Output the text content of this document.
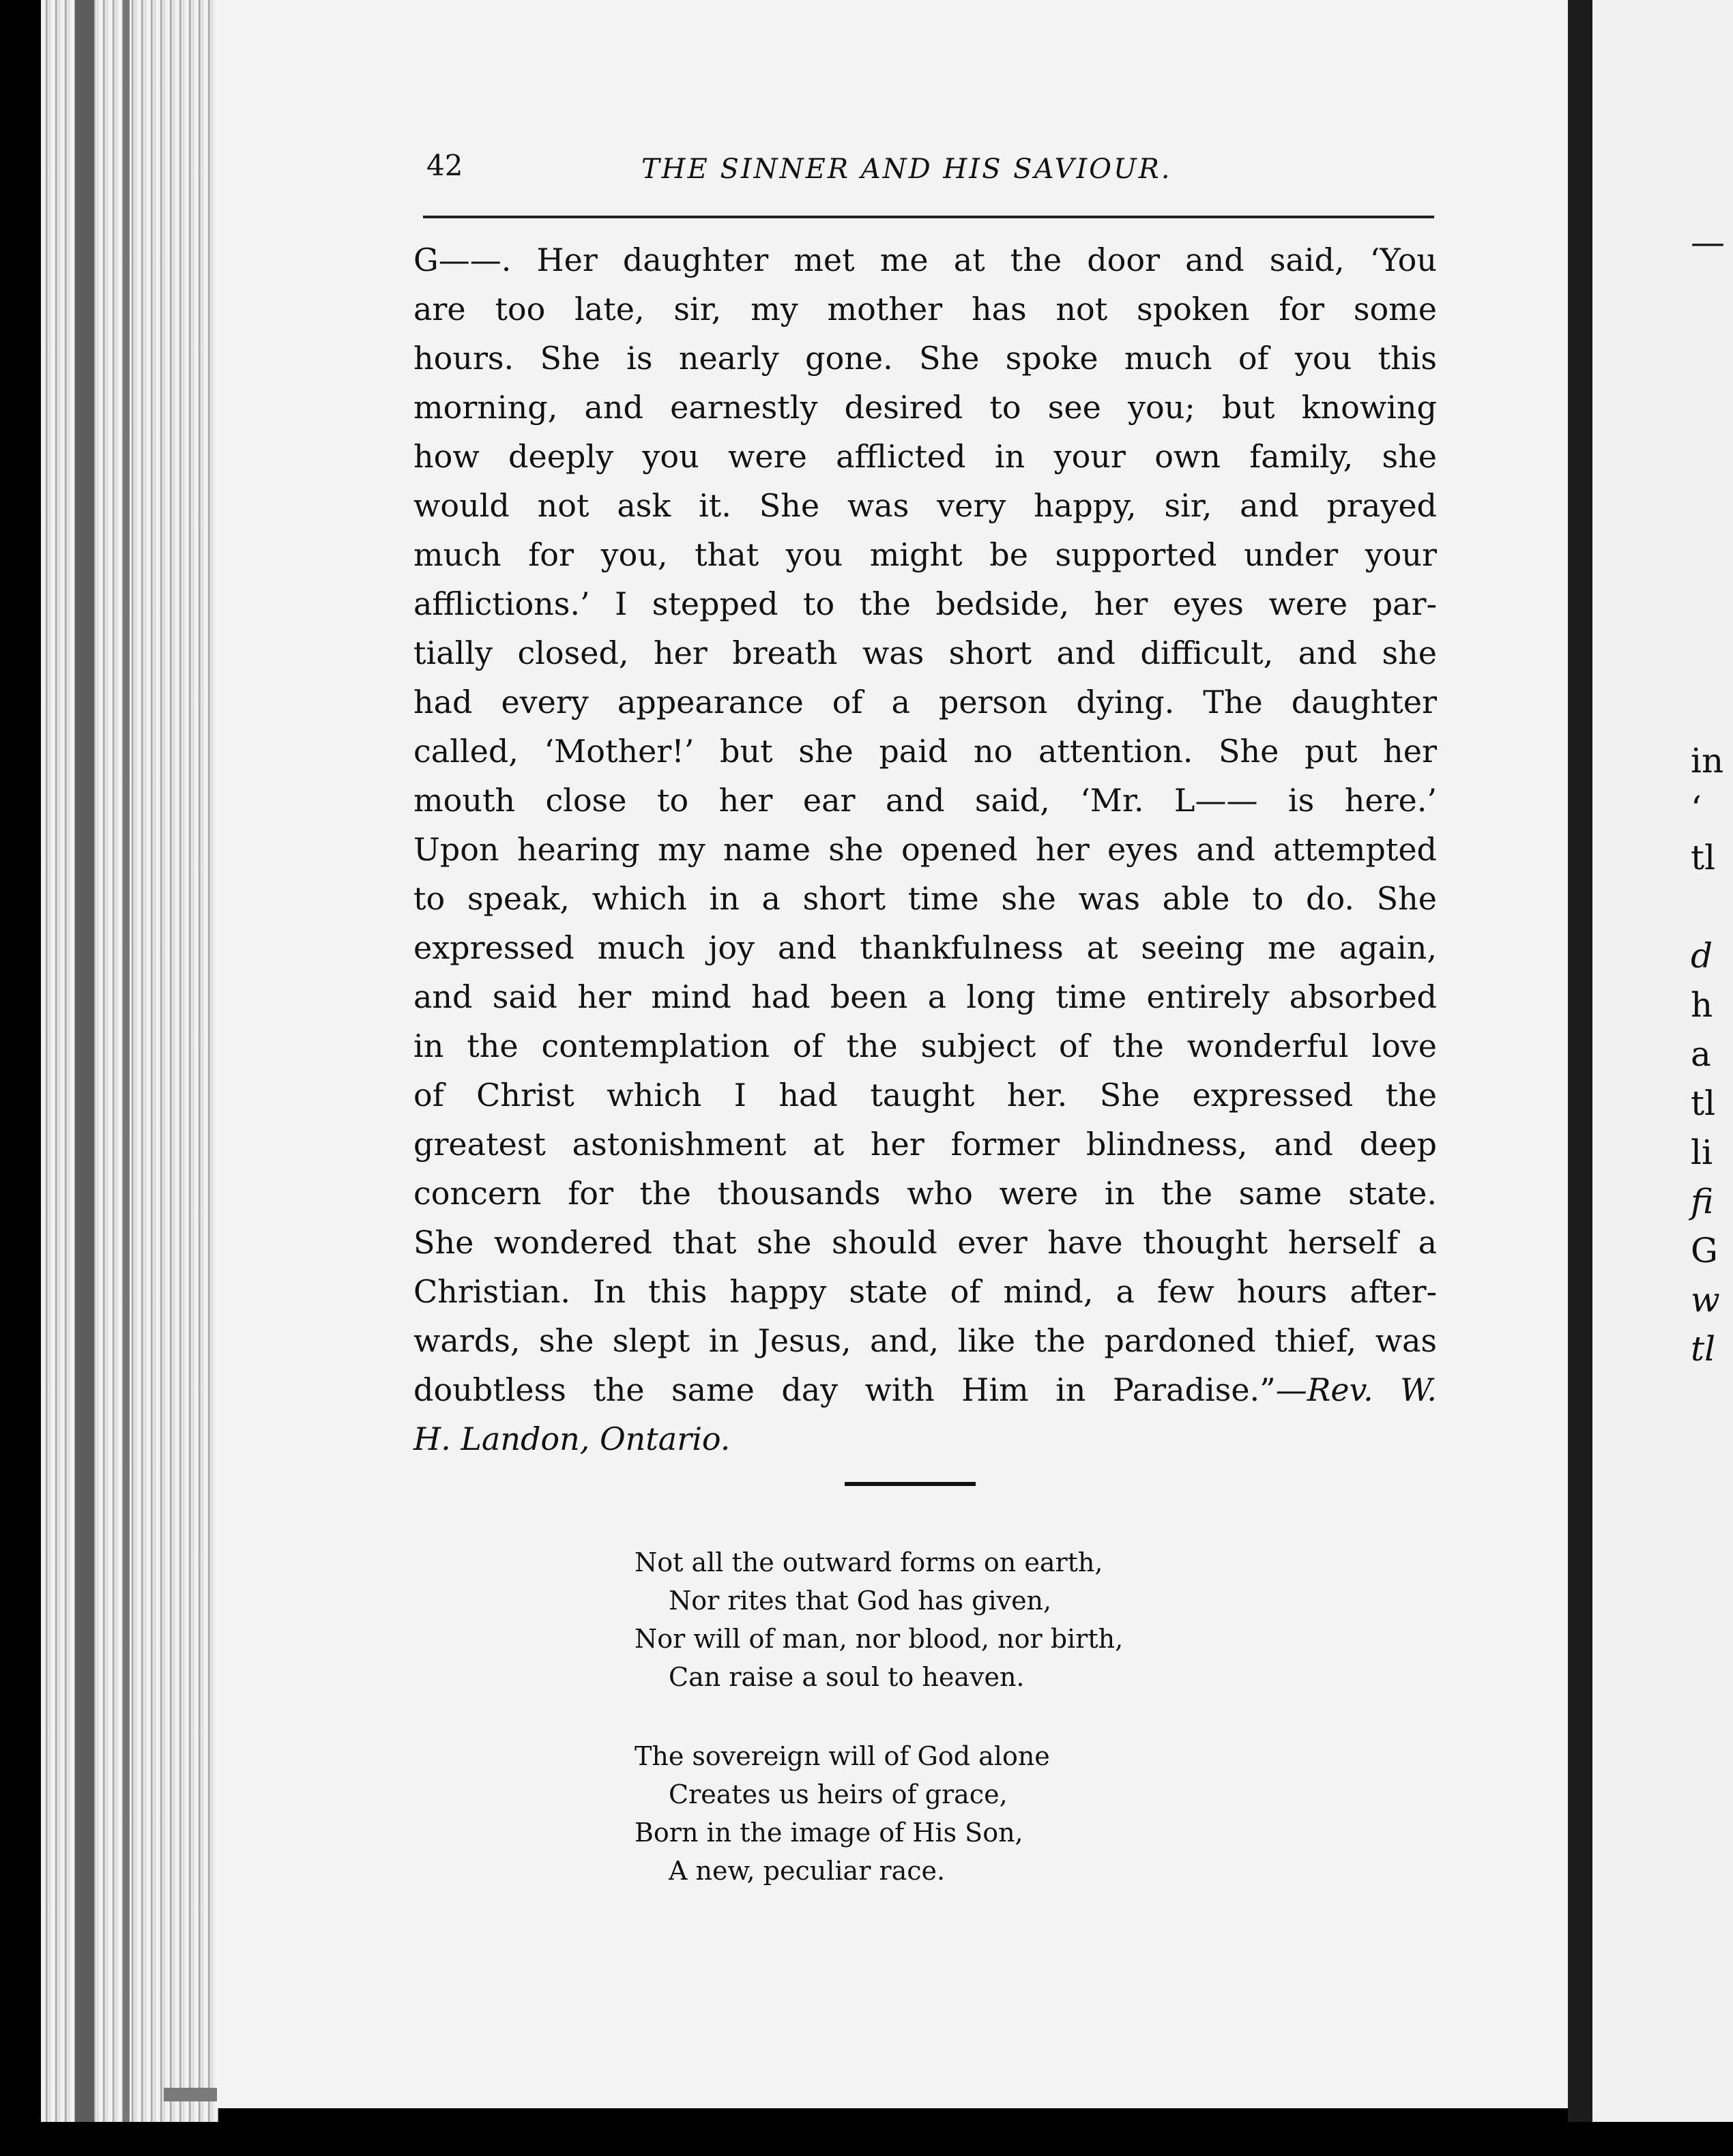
42	THE SINNER AND HIS SAVIOUR.
G——. Her daughter met me at the door and said, ‘You
are too late, sir, my mother has not spoken for some
hours. She is nearly gone. She spoke much of you this
morning, and earnestly desired to see you; but knowing
how deeply you were afflicted in your own family, she
would not ask it. She was very happy, sir, and prayed
much for you, that you might be supported under your
afflictions.’ I stepped to the bedside, her eyes were par-
tially closed, her breath was short and difficult, and she
had every appearance of a person dying. The daughter
called, ‘Mother!’ but she paid no attention. She put her
mouth close to her ear and said, ‘Mr. L—— is here.’
Upon hearing my name she opened her eyes and attempted
to speak, which in a short time she was able to do. She
expressed much joy and thankfulness at seeing me again,
and said her mind had been a long time entirely absorbed
in the contemplation of the subject of the wonderful love
of Christ which I had taught her. She expressed the
greatest astonishment at her former blindness, and deep
concern for the thousands who were in the same state.
She wondered that she should ever have thought herself a
Christian. In this happy state of mind, a few hours after-
wards, she slept in Jesus, and, like the pardoned thief, was
doubtless the same day with Him in Paradise.”—Rev. W.
H. Landon, Ontario.
Not all the outward forms on earth,
Nor rites that God has given,
Nor will of man, nor blood, nor birth,
Can raise a soul to heaven.
The sovereign will of God alone
Creates us heirs of grace,
Born in the image of His Son,
A new, peculiar race.
—
in
‘
tl
d
h
a
tl
li
fi
G
w
tl
